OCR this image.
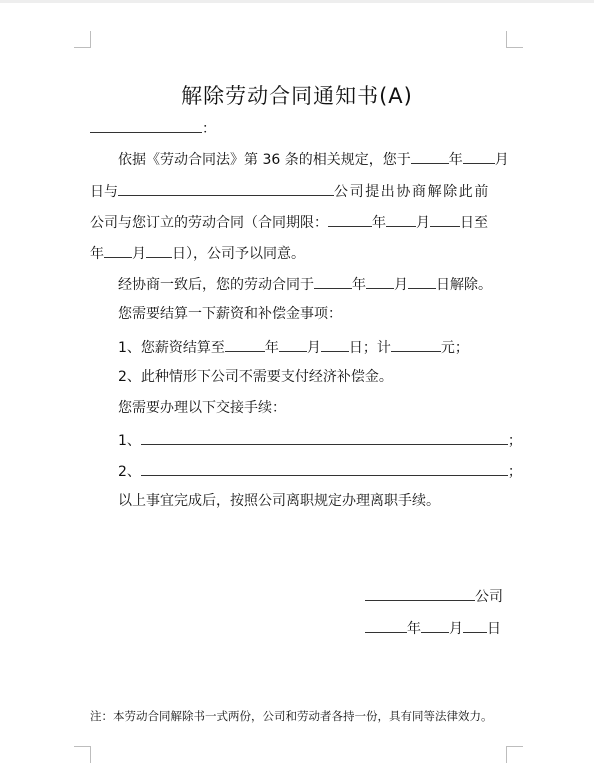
解除劳动合同通知书(A)
：
依据《劳动合同法》第 36 条的相关规定，您于	年 月
日与	公司提出协商解除此前
公司与您订立的劳动合同（合同期限：	年 月 日至
年 月 日），公司予以同意。
经协商一致后，您的劳动合同于	年 月 日解除。
您需要结算一下薪资和补偿金事项：
1、您薪资结算至	年 月 日；计	元；
2、此种情形下公司不需要支付经济补偿金。
您需要办理以下交接手续：
1、	；
2、	；
以上事宜完成后，按照公司离职规定办理离职手续。
公司
年 月 日
注：本劳动合同解除书一式两份，公司和劳动者各持一份，具有同等法律效力。
